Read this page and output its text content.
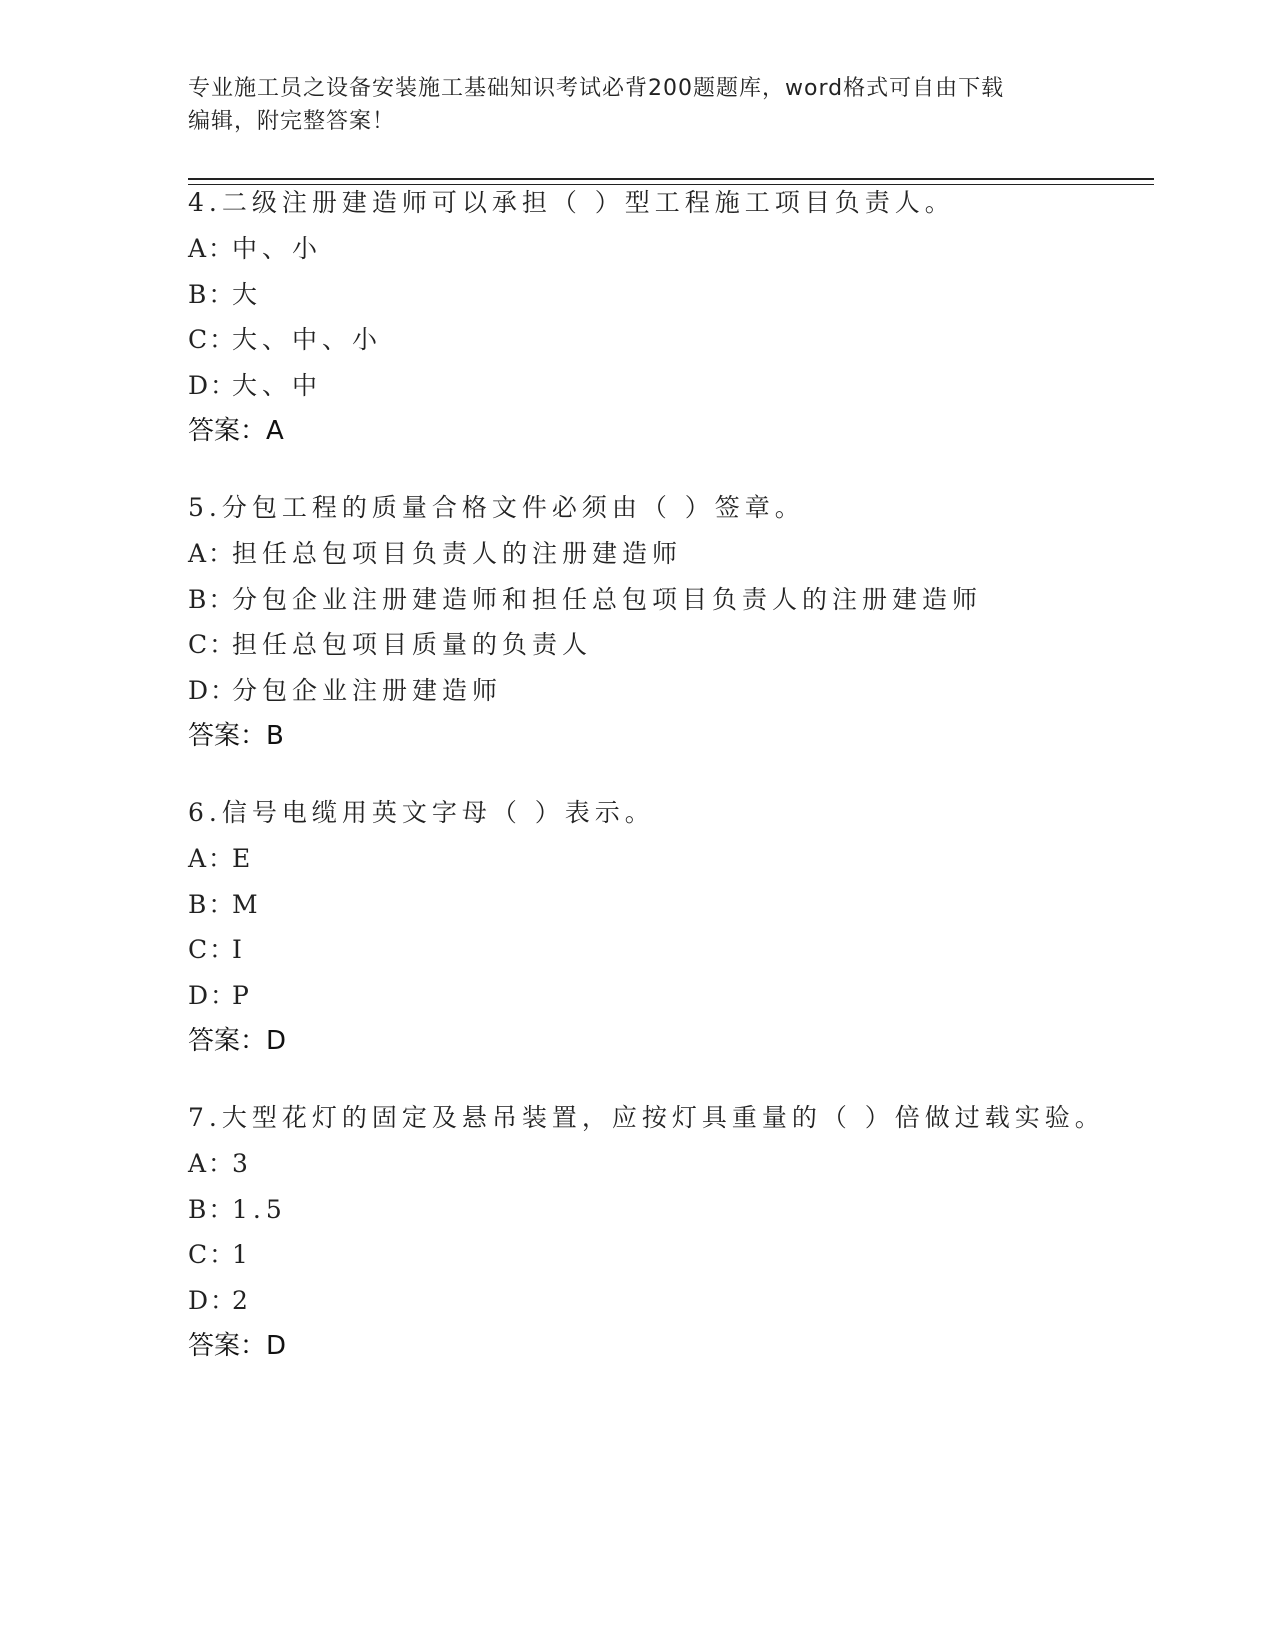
专业施工员之设备安装施工基础知识考试必背200题题库，word格式可自由下载
编辑，附完整答案！
4.二级注册建造师可以承担（ ）型工程施工项目负责人。
A：中、小
B：大
C：大、中、小
D：大、中
答案：A
5.分包工程的质量合格文件必须由（ ）签章。
A：担任总包项目负责人的注册建造师
B：分包企业注册建造师和担任总包项目负责人的注册建造师
C：担任总包项目质量的负责人
D：分包企业注册建造师
答案：B
6.信号电缆用英文字母（ ）表示。
A：E
B：M
C：I
D：P
答案：D
7.大型花灯的固定及悬吊装置，应按灯具重量的（ ）倍做过载实验。
A：3
B：1.5
C：1
D：2
答案：D
